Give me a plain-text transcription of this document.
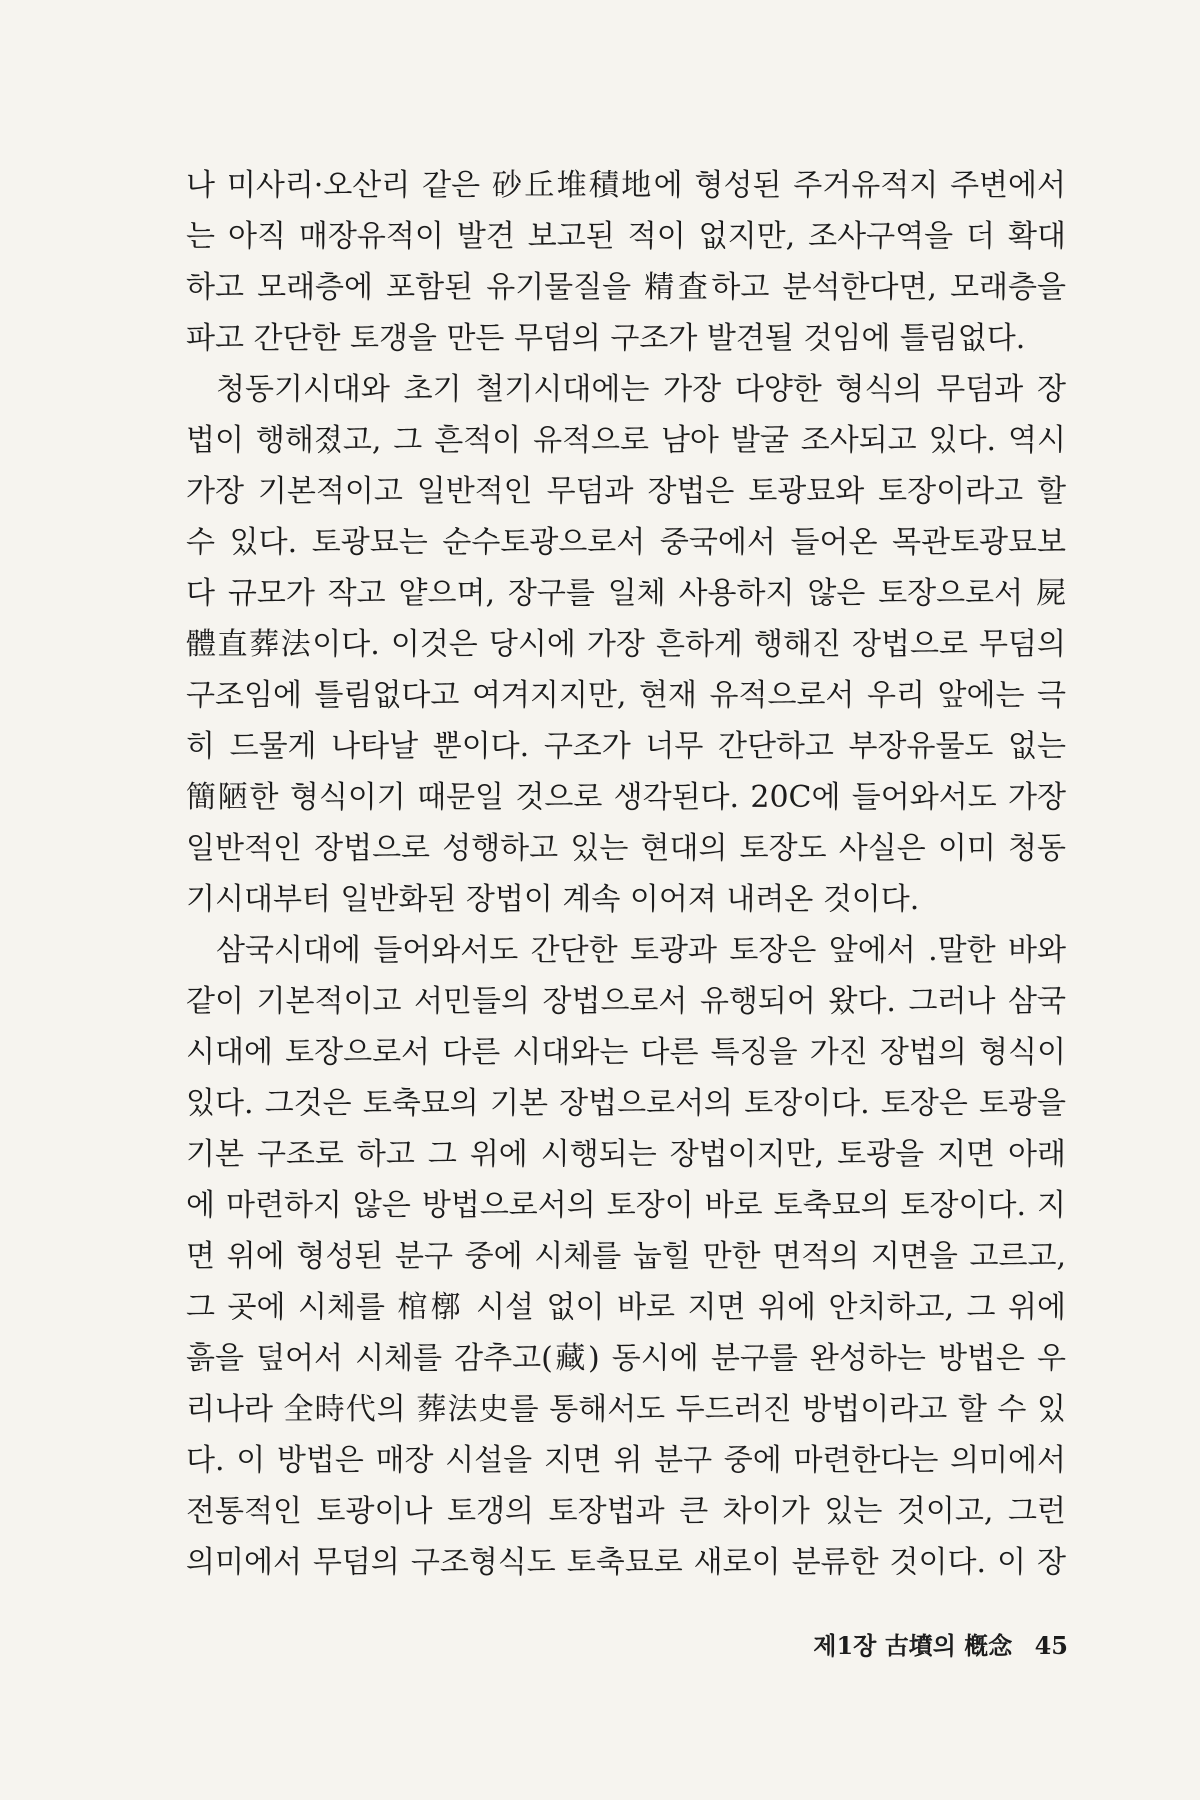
나 미사리·오산리 같은 砂丘堆積地에 형성된 주거유적지 주변에서
는 아직 매장유적이 발견 보고된 적이 없지만, 조사구역을 더 확대
하고 모래층에 포함된 유기물질을 精査하고 분석한다면, 모래층을
파고 간단한 토갱을 만든 무덤의 구조가 발견될 것임에 틀림없다.
청동기시대와 초기 철기시대에는 가장 다양한 형식의 무덤과 장
법이 행해졌고, 그 흔적이 유적으로 남아 발굴 조사되고 있다. 역시
가장 기본적이고 일반적인 무덤과 장법은 토광묘와 토장이라고 할
수 있다. 토광묘는 순수토광으로서 중국에서 들어온 목관토광묘보
다 규모가 작고 얕으며, 장구를 일체 사용하지 않은 토장으로서 屍
體直葬法이다. 이것은 당시에 가장 흔하게 행해진 장법으로 무덤의
구조임에 틀림없다고 여겨지지만, 현재 유적으로서 우리 앞에는 극
히 드물게 나타날 뿐이다. 구조가 너무 간단하고 부장유물도 없는
簡陋한 형식이기 때문일 것으로 생각된다. 20C에 들어와서도 가장
일반적인 장법으로 성행하고 있는 현대의 토장도 사실은 이미 청동
기시대부터 일반화된 장법이 계속 이어져 내려온 것이다.
삼국시대에 들어와서도 간단한 토광과 토장은 앞에서 .말한 바와
같이 기본적이고 서민들의 장법으로서 유행되어 왔다. 그러나 삼국
시대에 토장으로서 다른 시대와는 다른 특징을 가진 장법의 형식이
있다. 그것은 토축묘의 기본 장법으로서의 토장이다. 토장은 토광을
기본 구조로 하고 그 위에 시행되는 장법이지만, 토광을 지면 아래
에 마련하지 않은 방법으로서의 토장이 바로 토축묘의 토장이다. 지
면 위에 형성된 분구 중에 시체를 눕힐 만한 면적의 지면을 고르고,
그 곳에 시체를 棺槨 시설 없이 바로 지면 위에 안치하고, 그 위에
흙을 덮어서 시체를 감추고(藏) 동시에 분구를 완성하는 방법은 우
리나라 全時代의 葬法史를 통해서도 두드러진 방법이라고 할 수 있
다. 이 방법은 매장 시설을 지면 위 분구 중에 마련한다는 의미에서
전통적인 토광이나 토갱의 토장법과 큰 차이가 있는 것이고, 그런
의미에서 무덤의 구조형식도 토축묘로 새로이 분류한 것이다. 이 장
제1장 古墳의 槪念 45
